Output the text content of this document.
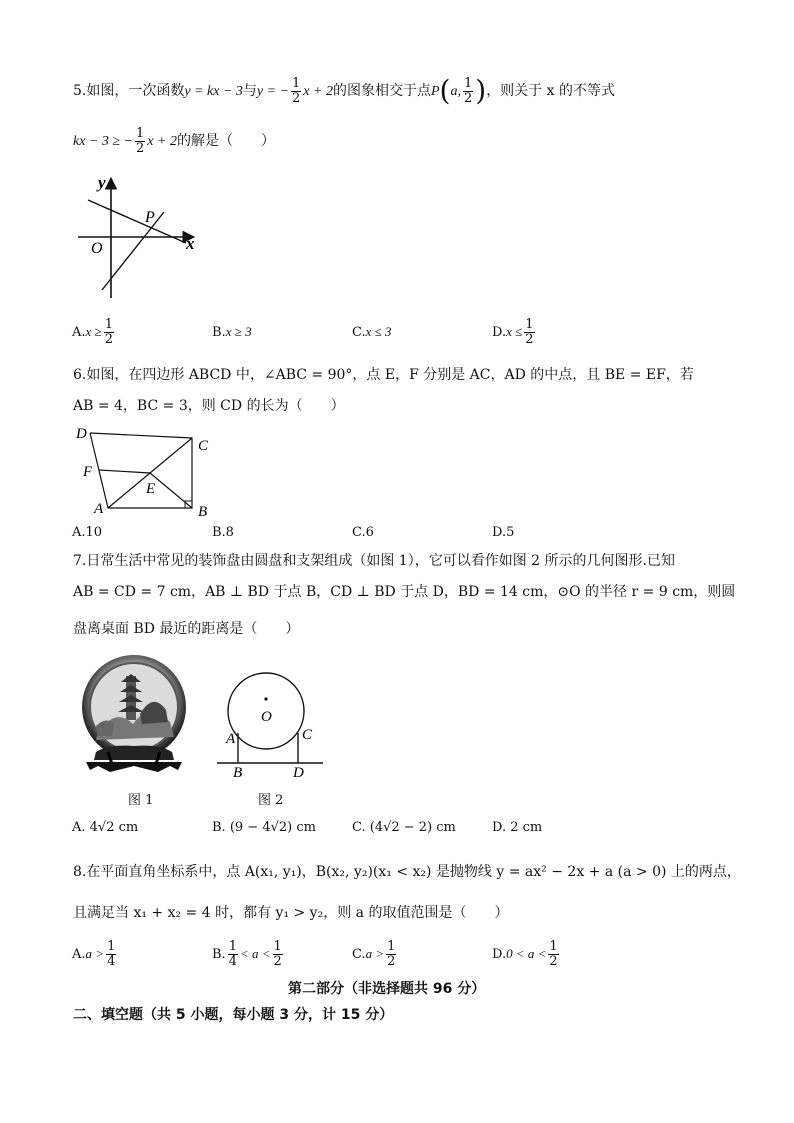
5.如图，一次函数y = kx − 3与y = − $\frac{1}{2}$ x + 2的图象相交于点P(a, $\frac{1}{2}$ )，则关于 x 的不等式
kx − 3 ≥ − $\frac{1}{2}$ x + 2的解是（　　）
y
x
O
P
$A.x \ge \frac{1}{2}$	B.x ≥ 3	C.x ≤ 3	$D.x \le \frac{1}{2}$
6.如图，在四边形 ABCD 中，∠ABC = 90°，点 E，F 分别是 AC，AD 的中点，且 BE = EF，若
AB = 4，BC = 3，则 CD 的长为（　　）
D
C
F
E
A	B
A.10	B.8	C.6	D.5
7.日常生活中常见的装饰盘由圆盘和支架组成（如图 1），它可以看作如图 2 所示的几何图形.已知
AB = CD = 7 cm，AB ⊥ BD 于点 B，CD ⊥ BD 于点 D，BD = 14 cm，⊙O 的半径 r = 9 cm，则圆
盘离桌面 BD 最近的距离是（　　）
图 1
O
A	C
B	D
图 2
A. 4√2 cm	B. (9 − 4√2) cm	C. (4√2 − 2) cm	D. 2 cm
8.在平面直角坐标系中，点 A(x₁, y₁)，B(x₂, y₂)(x₁ < x₂) 是抛物线 y = ax² − 2x + a (a > 0) 上的两点，
且满足当 x₁ + x₂ = 4 时，都有 y₁ > y₂，则 a 的取值范围是（　　）
$A.a > \frac{1}{4}$	B. $\frac{1}{4} < a < \frac{1}{2}$	$C.a > \frac{1}{2}$	$D.0 < a < \frac{1}{2}$
第二部分（非选择题共 96 分）
二、填空题（共 5 小题，每小题 3 分，计 15 分）
